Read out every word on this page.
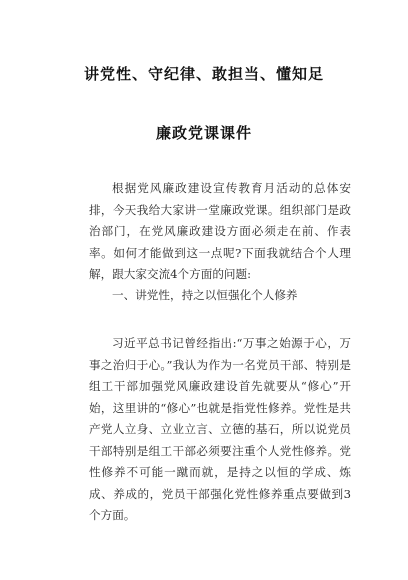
讲党性、守纪律、敢担当、懂知足
廉政党课课件
根据党风廉政建设宣传教育月活动的总体安排，今天我给大家讲一堂廉政党课。组织部门是政治部门，在党风廉政建设方面必须走在前、作表率。如何才能做到这一点呢?下面我就结合个人理解，跟大家交流4个方面的问题:
一、讲党性，持之以恒强化个人修养
习近平总书记曾经指出:“万事之始源于心，万事之治归于心。”我认为作为一名党员干部、特别是组工干部加强党风廉政建设首先就要从“修心”开始，这里讲的“修心”也就是指党性修养。党性是共产党人立身、立业立言、立德的基石，所以说党员干部特别是组工干部必须要注重个人党性修养。党性修养不可能一蹴而就，是持之以恒的学成、炼成、养成的，党员干部强化党性修养重点要做到3个方面。
